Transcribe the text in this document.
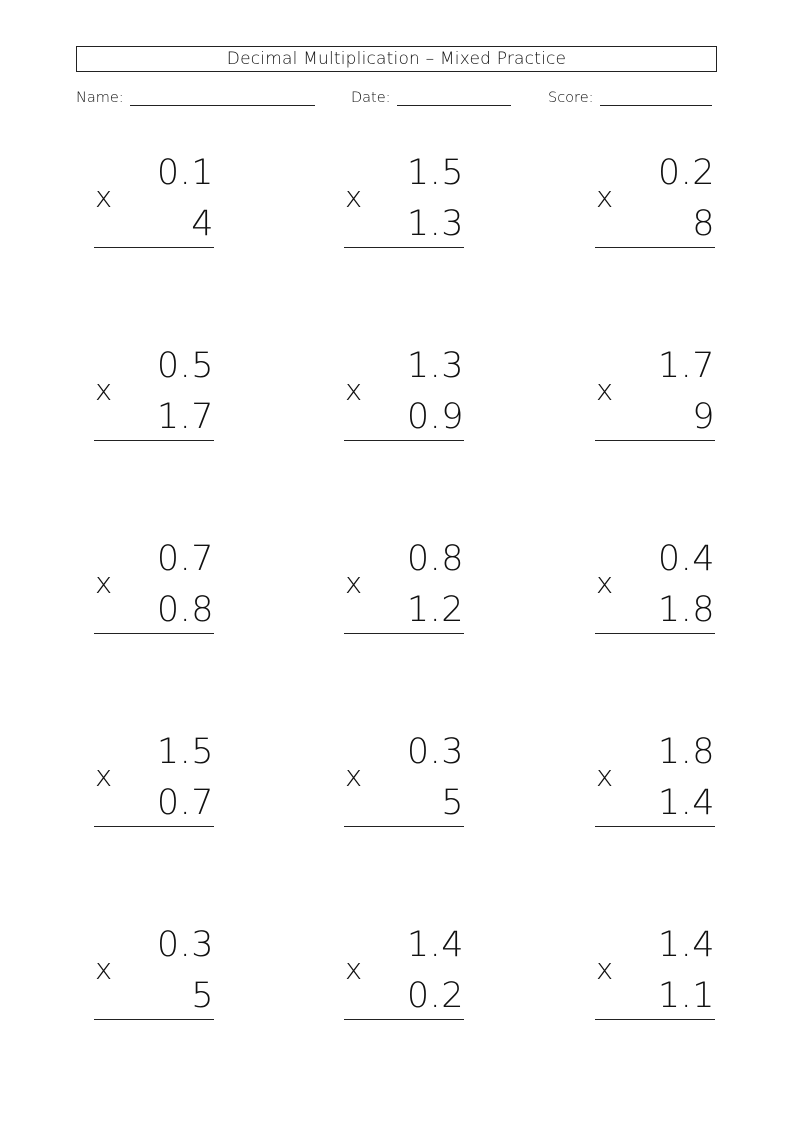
Decimal Multiplication – Mixed Practice
Name:	Date:	Score:
0.1
x
4
1.5
x
1.3
0.2
x
8
0.5
x
1.7
1.3
x
0.9
1.7
x
9
0.7
x
0.8
0.8
x
1.2
0.4
x
1.8
1.5
x
0.7
0.3
x
5
1.8
x
1.4
0.3
x
5
1.4
x
0.2
1.4
x
1.1
